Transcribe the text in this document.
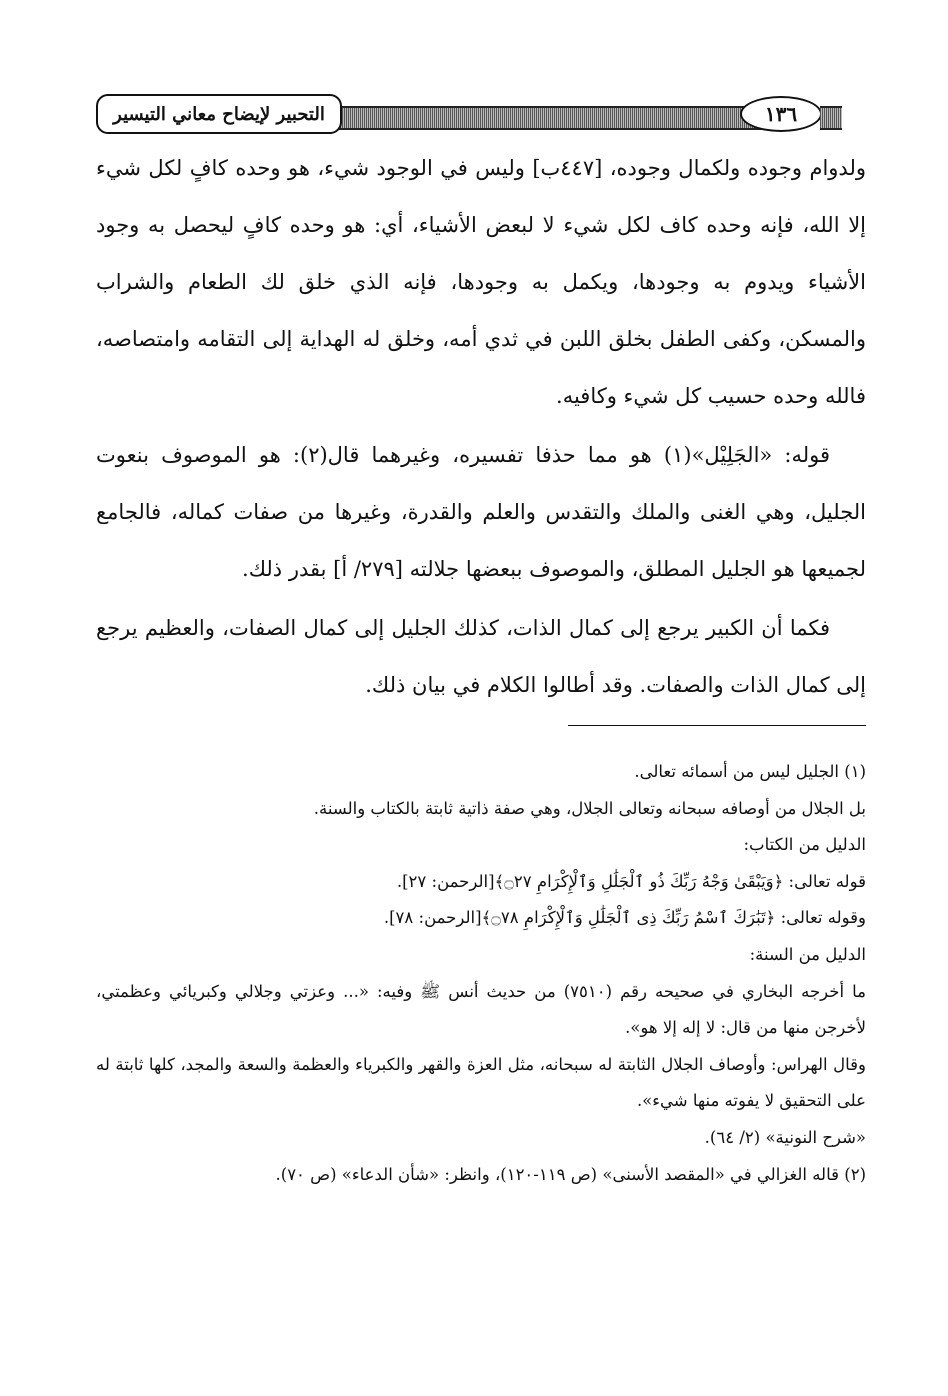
التحبير لإيضاح معاني التيسير	١٣٦

ولدوام وجوده ولكمال وجوده، [٤٤٧ب] وليس في الوجود شيء، هو وحده كافٍ لكل شيء إلا الله، فإنه وحده كاف لكل شيء لا لبعض الأشياء، أي: هو وحده كافٍ ليحصل به وجود الأشياء ويدوم به وجودها، ويكمل به وجودها، فإنه الذي خلق لك الطعام والشراب والمسكن، وكفى الطفل بخلق اللبن في ثدي أمه، وخلق له الهداية إلى التقامه وامتصاصه، فالله وحده حسيب كل شيء وكافيه.

قوله: «الجَلِيْل»(١) هو مما حذفا تفسيره، وغيرهما قال(٢): هو الموصوف بنعوت الجليل، وهي الغنى والملك والتقدس والعلم والقدرة، وغيرها من صفات كماله، فالجامع لجميعها هو الجليل المطلق، والموصوف ببعضها جلالته [٢٧٩/ أ] بقدر ذلك.

فكما أن الكبير يرجع إلى كمال الذات، كذلك الجليل إلى كمال الصفات، والعظيم يرجع إلى كمال الذات والصفات. وقد أطالوا الكلام في بيان ذلك.

(١) الجليل ليس من أسمائه تعالى.

بل الجلال من أوصافه سبحانه وتعالى الجلال، وهي صفة ذاتية ثابتة بالكتاب والسنة.

الدليل من الكتاب:

قوله تعالى: ﴿وَيَبْقَىٰ وَجْهُ رَبِّكَ ذُو ٱلْجَلَٰلِ وَٱلْإِكْرَامِ ۝٢٧﴾[الرحمن: ٢٧].

وقوله تعالى: ﴿تَبَٰرَكَ ٱسْمُ رَبِّكَ ذِى ٱلْجَلَٰلِ وَٱلْإِكْرَامِ ۝٧٨﴾[الرحمن: ٧٨].

الدليل من السنة:

ما أخرجه البخاري في صحيحه رقم (٧٥١٠) من حديث أنس ﷺ وفيه: «... وعزتي وجلالي وكبريائي وعظمتي، لأخرجن منها من قال: لا إله إلا هو».

وقال الهراس: وأوصاف الجلال الثابتة له سبحانه، مثل العزة والقهر والكبرياء والعظمة والسعة والمجد، كلها ثابتة له على التحقيق لا يفوته منها شيء».

«شرح النونية» (٢/ ٦٤).

(٢) قاله الغزالي في «المقصد الأسنى» (ص ١١٩-١٢٠)، وانظر: «شأن الدعاء» (ص ٧٠).
